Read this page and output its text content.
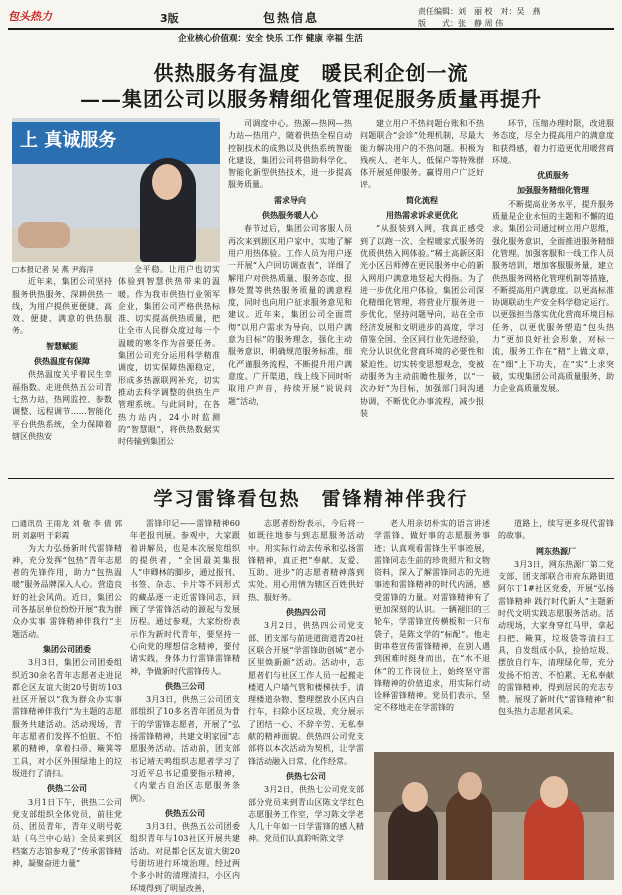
包头热力	3版	包热信息	责任编辑：刘　丽 校　对：吴　燕
版　　式：张　静 周 伟
企业核心价值观：安全 快乐 工作 健康 幸福 生活
供热服务有温度　暖民利企创一流
——集团公司以服务精细化管理促服务质量再提升
上 真诚服务

□本报记者 吴 燕 尹海洋

近年来，集团公司坚持服务供热服务、深耕供热一线，为用户提供更便捷、高效、便捷、满意的供热服务。

智慧赋能

供热温度有保障

供热温度关乎着民生幸福指数。走进供热五公司青七热力站，热网监控、参数调整、远程调节……智能化平台供热系统，全力保障着辖区供热安

全平稳。让用户也切实体验到智慧供热带来的温暖。作为我市供热行业领军企业，集团公司严格供热标准、切实提高供热质量，把让全市人民群众度过每一个温暖的寒冬作为首要任务。集团公司充分运用科学精准调度，切实保障热源稳定，形成多热源联网补充，切实推动去科学调整的供热生产管理系统。与此同时，在各热力站内，24小时监测的“智慧眼”，将供热数据实时传输到集团公

司调度中心。热源—热网—热力站—热用户，随着供热全程自动控制技术的成熟以及供热系统智能化建设，集团公司将借助科学化、智能化新型供热技术，进一步提高服务质量。

需求导向

供热服务暖人心

春节过后，集团公司客服人员再次来到剧区用户家中，实地了解用户用热体验。工作人员为用户逐一开展“入户回访调查表”，详细了解用户对供热质量、服务态度、报修处置等供热服务质量的满意程度，同时也向用户征求服务意见和建议。近年来，集团公司全面贯彻“以用户需求为导向，以用户满意为目标”的服务理念，强化主动服务意识，明确规范服务标准，细化严谨服务流程，不断提升用户满意度。广开渠道，线上线下同时听取用户声音，持续开展“说说问题”活动，

建立用户不热问题台账和不热问题联合“会诊”处理机制，尽最大能力解决用户的不热问题。积极为残疾人、老年人、低保户等特殊群体开展延伸服务。赢得用户广泛好评。

简化流程

用热需求诉求更优化

“从报装到入网，我真正感受到了以跑一次、全程暖家式服务的优质供热入网体验。”稀土高新区阳光小区吕师傅在更民服务中心的新入网用户满意地竖起大拇指。为了进一步优化用户体验，集团公司深化精细化管理，将营业厅服务进一步优化，坚持问题导向，站在全市经济发展和文明进步的高度，学习借鉴全国、全区同行业先进经验，充分认识优化营商环境的必要性和紧迫性。切实转变思想观念，变被动服务为主动前瞻性服务，以“一次办好”为目标，加强部门间沟通协调，不断优化办事流程，减少报装

环节，压缩办理时限，改进服务态度，尽全力提高用户的满意度和获得感，着力打造更优用暖营商环境。

优质服务

加强服务精细化管理

不断提高业务水平，提升服务质量是企业永恒的主题和不懈的追求。集团公司通过树立用户思维，强化服务意识，全面推进服务精细化管理。加强客服和一线工作人员服务培训，增加客服服务量，建立供热服务网格化管理机制等措施，不断提高用户满意度。以更高标准协调联动生产安全科学稳定运行。以更强担当落实优化营商环境目标任务，以更优服务塑造“包头热力”更加良好社会形象，对标一流，服务工作在“精”上做文章，在“细”上下功夫，在“实”上求突破，实现集团公司高质量服务，助力企业高质量发展。

学习雷锋看包热　雷锋精神伴我行

□通讯员 王雨龙 刘 敬 李 倩 郭 玥 刘嘉明 于彩霞

为大力弘扬新时代雷锋精神，充分发挥“包热”青年志愿者的先锋作用，助力“包热温暖”服务品牌深入人心。营造良好的社会风尚。近日，集团公司各基层单位纷纷开展“我为群众办实事 雷锋精神伴我行”主题活动。

集团公司团委

3月3日，集团公司团委组织近30余名青年志愿者走进昆都仑区友谊大街20号街坊103社区开展以“我为群众办实事 雷锋精神伴我行”为主题的志愿服务共建活动。活动现场，青年志愿者们发挥不怕脏、不怕累的精神，拿着扫帚、簸箕等工具，对小区外围绿地上的垃圾进行了清扫。

供热二公司

3月1日下午，供热二公司党支部组织全体党员，前往党员、团员青年，青年义明号乾站（乌兰中心站）全员来到区档案方志馆参观了“传承雷锋精神，凝聚奋进力量”

雷锋印记——雷锋精神60年老报刊展。参观中，大家跟着讲解员，也是本次展览组织的提供者，“全国最美集报人”申卿林的脚步，通过报刊、书签、杂志、卡片等不同形式的藏品逐一走近雷锋同志，回顾了学雷锋活动的源起与发展历程。通过参观，大家纷纷表示作为新时代青年，要坚持一心向党的理想信念精神，要付诸实践，身体力行雷锋雷锋精神，争做新时代雷锋传人。

供热三公司

3月3日，供热三公司团支部组织了10多名青年团员为骨干的学雷锋志愿者，开展了“弘扬雷锋精神，共建文明家园”志愿服务活动。活动前，团支部书记靖天鸣组织志愿者学习了习近平总书记重要指示精神，《内蒙古自治区志愿服务条例》。

供热五公司

3月3日，供热五公司团委组织青年与103社区开展共建活动。对昆都仑区友谊大街20号街坊进行环境治理。经过两个多小时的清理清扫，小区内环境得到了明显改善，

志愿者纷纷表示，今后将一如既往地参与到志愿服务活动中。用实际行动去传承和弘扬雷锋精神，真正把“奉献、友爱、互助、进步”的志愿者精神落到实处。用心用情为辖区百姓供好热、服好务。

供热四公司

3月2日，供热四公司党支部、团支部与前进道街道青20社区联合开展“学雷锋助创城”老小区里焕新颜”活动。活动中，志愿者们与社区工作人员一起搬走楼道人户墙气管和楼梯扶手，清理楼道杂物、整理摆放小区内自行车，扫除小区垃圾，充分展示了团结一心、不辞辛劳、无私奉献的精神面貌。供热四公司党支部将以本次活动为契机，让学雷锋活动融入日常、化作经常。

供热七公司

3月2日，供热七公司党支部部分党员来到青山区陈文学红色志愿服务工作室，学习陈文学老人几十年如一日学雷锋的感人精神。党员们认真聆听陈文学

老人用亲切朴实的语言讲述学雷锋、做好事的志愿服务事迹；认真观看雷锋生平事迹展，雷锋同志生前的珍贵照片和文物资料，深入了解雷锋同志的先进事迹和雷锋精神的时代内涵，感受雷锋的力量。对雷锋精神有了更加深刻的认识。一辆褪旧的三轮车，学雷锋宣传横板和一只布袋子，是陈文学的“标配”。他走街串巷宣传雷锋精神，在别人遇到困难时挺身而出，在“水不退休”的工作岗位上，始终坚守雷锋精神的价值追求，用实际行动诠释雷锋精神。党员们表示，坚定不移地走在学雷锋的

道路上，续写更多现代雷锋的故事。

网东热源厂

3月3日，网东热源厂第二党支部、团支部联合市府东路街道阿尔丁1#社区党委，开展“弘扬雷锋精神 践行时代新人”主题新时代文明实践志愿服务活动。活动现场，大家身穿红马甲，拿起扫把、簸箕，垃圾袋等清扫工具，自发组成小队，捡拾垃圾、摆放自行车，清理绿化带，充分发扬不怕苦、不怕累、无私奉献的雷锋精神，得到居民的充志专赞。展现了新时代“雷锋精神”和包头热力志愿者风采。
